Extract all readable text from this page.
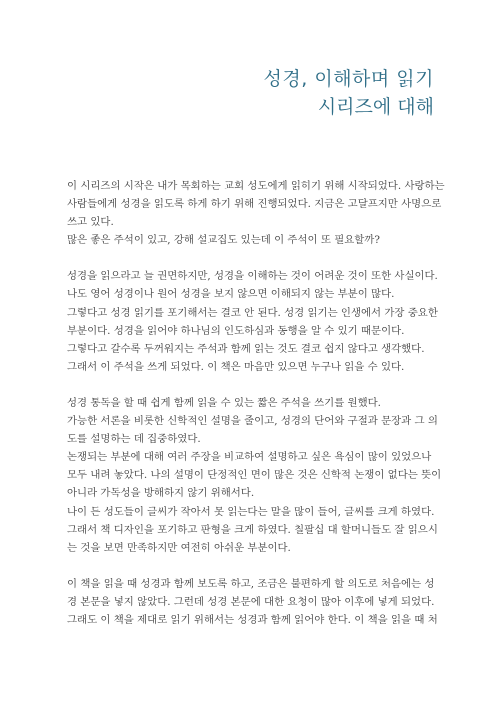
성경, 이해하며 읽기
시리즈에 대해
이 시리즈의 시작은 내가 목회하는 교회 성도에게 읽히기 위해 시작되었다. 사랑하는
사람들에게 성경을 읽도록 하게 하기 위해 진행되었다. 지금은 고달프지만 사명으로
쓰고 있다.
많은 좋은 주석이 있고, 강해 설교집도 있는데 이 주석이 또 필요할까?
성경을 읽으라고 늘 권면하지만, 성경을 이해하는 것이 어려운 것이 또한 사실이다.
나도 영어 성경이나 원어 성경을 보지 않으면 이해되지 않는 부분이 많다.
그렇다고 성경 읽기를 포기해서는 결코 안 된다. 성경 읽기는 인생에서 가장 중요한
부분이다. 성경을 읽어야 하나님의 인도하심과 동행을 알 수 있기 때문이다.
그렇다고 갈수록 두꺼워지는 주석과 함께 읽는 것도 결코 쉽지 않다고 생각했다.
그래서 이 주석을 쓰게 되었다. 이 책은 마음만 있으면 누구나 읽을 수 있다.
성경 통독을 할 때 쉽게 함께 읽을 수 있는 짧은 주석을 쓰기를 원했다.
가능한 서론을 비롯한 신학적인 설명을 줄이고, 성경의 단어와 구절과 문장과 그 의
도를 설명하는 데 집중하였다.
논쟁되는 부분에 대해 여러 주장을 비교하여 설명하고 싶은 욕심이 많이 있었으나
모두 내려 놓았다. 나의 설명이 단정적인 면이 많은 것은 신학적 논쟁이 없다는 뜻이
아니라 가독성을 방해하지 않기 위해서다.
나이 든 성도들이 글씨가 작아서 못 읽는다는 말을 많이 들어, 글씨를 크게 하였다.
그래서 책 디자인을 포기하고 판형을 크게 하였다. 칠팔십 대 할머니들도 잘 읽으시
는 것을 보면 만족하지만 여전히 아쉬운 부분이다.
이 책을 읽을 때 성경과 함께 보도록 하고, 조금은 불편하게 할 의도로 처음에는 성
경 본문을 넣지 않았다. 그런데 성경 본문에 대한 요청이 많아 이후에 넣게 되었다.
그래도 이 책을 제대로 읽기 위해서는 성경과 함께 읽어야 한다. 이 책을 읽을 때 처
